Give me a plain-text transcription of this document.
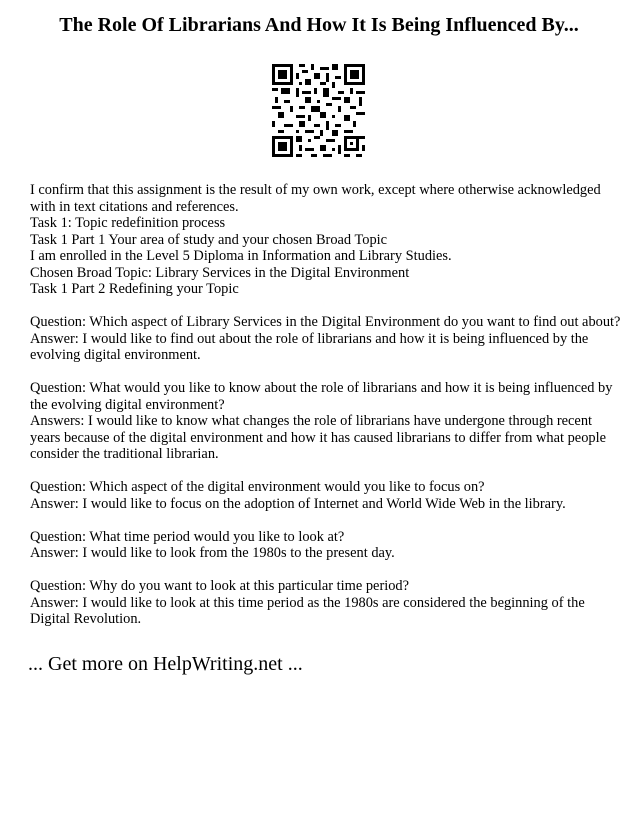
The Role Of Librarians And How It Is Being Influenced By...
I confirm that this assignment is the result of my own work, except where otherwise acknowledged with in text citations and references.
Task 1: Topic redefinition process
Task 1 Part 1 Your area of study and your chosen Broad Topic
I am enrolled in the Level 5 Diploma in Information and Library Studies.
Chosen Broad Topic: Library Services in the Digital Environment
Task 1 Part 2 Redefining your Topic
Question: Which aspect of Library Services in the Digital Environment do you want to find out about?
Answer: I would like to find out about the role of librarians and how it is being influenced by the evolving digital environment.
Question: What would you like to know about the role of librarians and how it is being influenced by the evolving digital environment?
Answers: I would like to know what changes the role of librarians have undergone through recent years because of the digital environment and how it has caused librarians to differ from what people consider the traditional librarian.
Question: Which aspect of the digital environment would you like to focus on?
Answer: I would like to focus on the adoption of Internet and World Wide Web in the library.
Question: What time period would you like to look at?
Answer: I would like to look from the 1980s to the present day.
Question: Why do you want to look at this particular time period?
Answer: I would like to look at this time period as the 1980s are considered the beginning of the Digital Revolution.
... Get more on HelpWriting.net ...
